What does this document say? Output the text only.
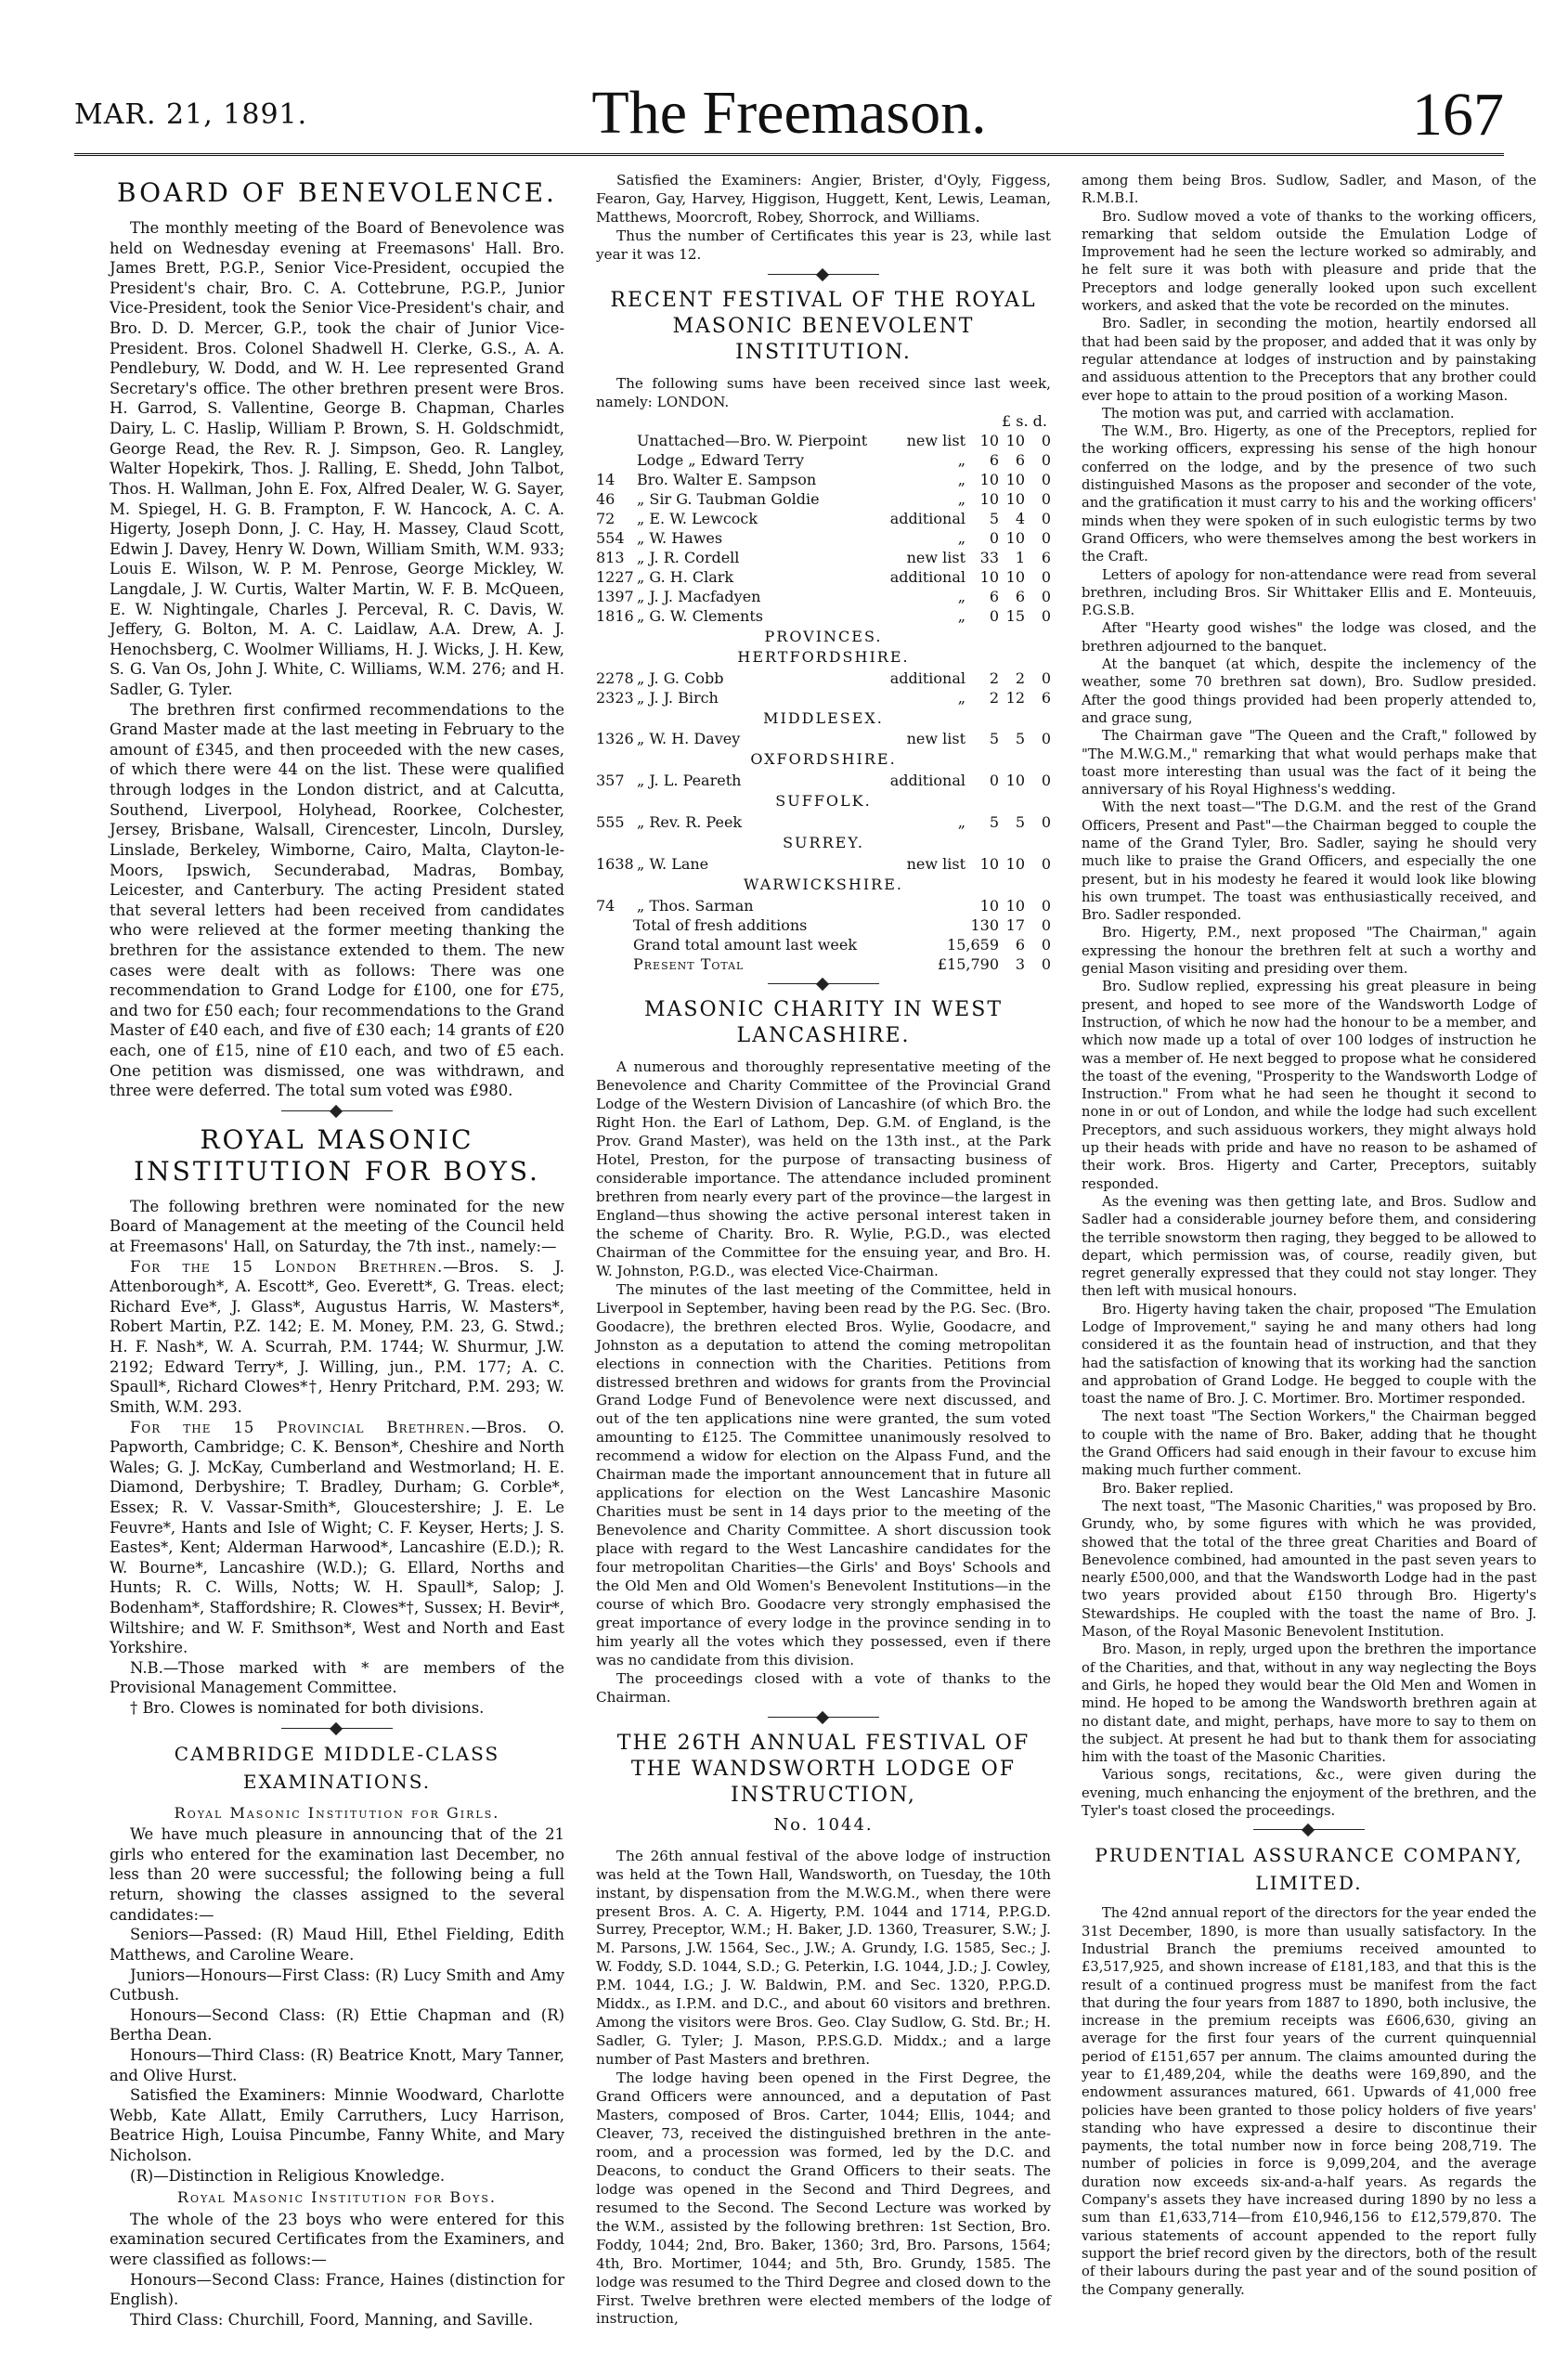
MAR. 21, 1891.	The Freemason.	167
BOARD OF BENEVOLENCE.

The monthly meeting of the Board of Benevolence was held on Wednesday evening at Freemasons' Hall. Bro. James Brett, P.G.P., Senior Vice-President, occupied the President's chair, Bro. C. A. Cottebrune, P.G.P., Junior Vice-President, took the Senior Vice-President's chair, and Bro. D. D. Mercer, G.P., took the chair of Junior Vice-President. Bros. Colonel Shadwell H. Clerke, G.S., A. A. Pendlebury, W. Dodd, and W. H. Lee represented Grand Secretary's office. The other brethren present were Bros. H. Garrod, S. Vallentine, George B. Chapman, Charles Dairy, L. C. Haslip, William P. Brown, S. H. Goldschmidt, George Read, the Rev. R. J. Simpson, Geo. R. Langley, Walter Hopekirk, Thos. J. Ralling, E. Shedd, John Talbot, Thos. H. Wallman, John E. Fox, Alfred Dealer, W. G. Sayer, M. Spiegel, H. G. B. Frampton, F. W. Hancock, A. C. A. Higerty, Joseph Donn, J. C. Hay, H. Massey, Claud Scott, Edwin J. Davey, Henry W. Down, William Smith, W.M. 933; Louis E. Wilson, W. P. M. Penrose, George Mickley, W. Langdale, J. W. Curtis, Walter Martin, W. F. B. McQueen, E. W. Nightingale, Charles J. Perceval, R. C. Davis, W. Jeffery, G. Bolton, M. A. C. Laidlaw, A.A. Drew, A. J. Henochsberg, C. Woolmer Williams, H. J. Wicks, J. H. Kew, S. G. Van Os, John J. White, C. Williams, W.M. 276; and H. Sadler, G. Tyler.

The brethren first confirmed recommendations to the Grand Master made at the last meeting in February to the amount of £345, and then proceeded with the new cases, of which there were 44 on the list. These were qualified through lodges in the London district, and at Calcutta, Southend, Liverpool, Holyhead, Roorkee, Colchester, Jersey, Brisbane, Walsall, Cirencester, Lincoln, Dursley, Linslade, Berkeley, Wimborne, Cairo, Malta, Clayton-le-Moors, Ipswich, Secunderabad, Madras, Bombay, Leicester, and Canterbury. The acting President stated that several letters had been received from candidates who were relieved at the former meeting thanking the brethren for the assistance extended to them. The new cases were dealt with as follows: There was one recommendation to Grand Lodge for £100, one for £75, and two for £50 each; four recommendations to the Grand Master of £40 each, and five of £30 each; 14 grants of £20 each, one of £15, nine of £10 each, and two of £5 each. One petition was dismissed, one was withdrawn, and three were deferred. The total sum voted was £980.

ROYAL MASONIC INSTITUTION FOR BOYS.

The following brethren were nominated for the new Board of Management at the meeting of the Council held at Freemasons' Hall, on Saturday, the 7th inst., namely:—

For the 15 London Brethren.—Bros. S. J. Attenborough*, A. Escott*, Geo. Everett*, G. Treas. elect; Richard Eve*, J. Glass*, Augustus Harris, W. Masters*, Robert Martin, P.Z. 142; E. M. Money, P.M. 23, G. Stwd.; H. F. Nash*, W. A. Scurrah, P.M. 1744; W. Shurmur, J.W. 2192; Edward Terry*, J. Willing, jun., P.M. 177; A. C. Spaull*, Richard Clowes*†, Henry Pritchard, P.M. 293; W. Smith, W.M. 293.

For the 15 Provincial Brethren.—Bros. O. Papworth, Cambridge; C. K. Benson*, Cheshire and North Wales; G. J. McKay, Cumberland and Westmorland; H. E. Diamond, Derbyshire; T. Bradley, Durham; G. Corble*, Essex; R. V. Vassar-Smith*, Gloucestershire; J. E. Le Feuvre*, Hants and Isle of Wight; C. F. Keyser, Herts; J. S. Eastes*, Kent; Alderman Harwood*, Lancashire (E.D.); R. W. Bourne*, Lancashire (W.D.); G. Ellard, Norths and Hunts; R. C. Wills, Notts; W. H. Spaull*, Salop; J. Bodenham*, Staffordshire; R. Clowes*†, Sussex; H. Bevir*, Wiltshire; and W. F. Smithson*, West and North and East Yorkshire.

N.B.—Those marked with * are members of the Provisional Management Committee.

† Bro. Clowes is nominated for both divisions.

CAMBRIDGE MIDDLE-CLASS
EXAMINATIONS.
Royal Masonic Institution for Girls.

We have much pleasure in announcing that of the 21 girls who entered for the examination last December, no less than 20 were successful; the following being a full return, showing the classes assigned to the several candidates:—

Seniors—Passed: (R) Maud Hill, Ethel Fielding, Edith Matthews, and Caroline Weare.

Juniors—Honours—First Class: (R) Lucy Smith and Amy Cutbush.

Honours—Second Class: (R) Ettie Chapman and (R) Bertha Dean.

Honours—Third Class: (R) Beatrice Knott, Mary Tanner, and Olive Hurst.

Satisfied the Examiners: Minnie Woodward, Charlotte Webb, Kate Allatt, Emily Carruthers, Lucy Harrison, Beatrice High, Louisa Pincumbe, Fanny White, and Mary Nicholson.

(R)—Distinction in Religious Knowledge.

Royal Masonic Institution for Boys.

The whole of the 23 boys who were entered for this examination secured Certificates from the Examiners, and were classified as follows:—

Honours—Second Class: France, Haines (distinction for English).

Third Class: Churchill, Foord, Manning, and Saville.

Satisfied the Examiners: Angier, Brister, d'Oyly, Figgess, Fearon, Gay, Harvey, Higgison, Huggett, Kent, Lewis, Leaman, Matthews, Moorcroft, Robey, Shorrock, and Williams.

Thus the number of Certificates this year is 23, while last year it was 12.

RECENT FESTIVAL OF THE ROYAL MASONIC BENEVOLENT INSTITUTION.

The following sums have been received since last week, namely: LONDON.

£ s. d.
	Unattached—Bro. W. Pierpoint	new list	10	10	0
	Lodge „ Edward Terry	„	6	6	0
14	Bro. Walter E. Sampson	„	10	10	0
46	„ Sir G. Taubman Goldie	„	10	10	0
72	„ E. W. Lewcock	additional	5	4	0
554	„ W. Hawes	„	0	10	0
813	„ J. R. Cordell	new list	33	1	6
1227	„ G. H. Clark	additional	10	10	0
1397	„ J. J. Macfadyen	„	6	6	0
1816	„ G. W. Clements	„	0	15	0
PROVINCES.
HERTFORDSHIRE.
2278	„ J. G. Cobb	additional	2	2	0
2323	„ J. J. Birch	„	2	12	6
MIDDLESEX.
1326	„ W. H. Davey	new list	5	5	0
OXFORDSHIRE.
357	„ J. L. Peareth	additional	0	10	0
SUFFOLK.
555	„ Rev. R. Peek	„	5	5	0
SURREY.
1638	„ W. Lane	new list	10	10	0
WARWICKSHIRE.
74	„ Thos. Sarman		10	10	0
Total of fresh additions	130	17	0
Grand total amount last week	15,659	6	0
Present Total	£15,790	3	0
MASONIC CHARITY IN WEST LANCASHIRE.

A numerous and thoroughly representative meeting of the Benevolence and Charity Committee of the Provincial Grand Lodge of the Western Division of Lancashire (of which Bro. the Right Hon. the Earl of Lathom, Dep. G.M. of England, is the Prov. Grand Master), was held on the 13th inst., at the Park Hotel, Preston, for the purpose of transacting business of considerable importance. The attendance included prominent brethren from nearly every part of the province—the largest in England—thus showing the active personal interest taken in the scheme of Charity. Bro. R. Wylie, P.G.D., was elected Chairman of the Committee for the ensuing year, and Bro. H. W. Johnston, P.G.D., was elected Vice-Chairman.

The minutes of the last meeting of the Committee, held in Liverpool in September, having been read by the P.G. Sec. (Bro. Goodacre), the brethren elected Bros. Wylie, Goodacre, and Johnston as a deputation to attend the coming metropolitan elections in connection with the Charities. Petitions from distressed brethren and widows for grants from the Provincial Grand Lodge Fund of Benevolence were next discussed, and out of the ten applications nine were granted, the sum voted amounting to £125. The Committee unanimously resolved to recommend a widow for election on the Alpass Fund, and the Chairman made the important announcement that in future all applications for election on the West Lancashire Masonic Charities must be sent in 14 days prior to the meeting of the Benevolence and Charity Committee. A short discussion took place with regard to the West Lancashire candidates for the four metropolitan Charities—the Girls' and Boys' Schools and the Old Men and Old Women's Benevolent Institutions—in the course of which Bro. Goodacre very strongly emphasised the great importance of every lodge in the province sending in to him yearly all the votes which they possessed, even if there was no candidate from this division.

The proceedings closed with a vote of thanks to the Chairman.

THE 26TH ANNUAL FESTIVAL OF THE WANDSWORTH LODGE OF INSTRUCTION,
No. 1044.

The 26th annual festival of the above lodge of instruction was held at the Town Hall, Wandsworth, on Tuesday, the 10th instant, by dispensation from the M.W.G.M., when there were present Bros. A. C. A. Higerty, P.M. 1044 and 1714, P.P.G.D. Surrey, Preceptor, W.M.; H. Baker, J.D. 1360, Treasurer, S.W.; J. M. Parsons, J.W. 1564, Sec., J.W.; A. Grundy, I.G. 1585, Sec.; J. W. Foddy, S.D. 1044, S.D.; G. Peterkin, I.G. 1044, J.D.; J. Cowley, P.M. 1044, I.G.; J. W. Baldwin, P.M. and Sec. 1320, P.P.G.D. Middx., as I.P.M. and D.C., and about 60 visitors and brethren. Among the visitors were Bros. Geo. Clay Sudlow, G. Std. Br.; H. Sadler, G. Tyler; J. Mason, P.P.S.G.D. Middx.; and a large number of Past Masters and brethren.

The lodge having been opened in the First Degree, the Grand Officers were announced, and a deputation of Past Masters, composed of Bros. Carter, 1044; Ellis, 1044; and Cleaver, 73, received the distinguished brethren in the ante-room, and a procession was formed, led by the D.C. and Deacons, to conduct the Grand Officers to their seats. The lodge was opened in the Second and Third Degrees, and resumed to the Second. The Second Lecture was worked by the W.M., assisted by the following brethren: 1st Section, Bro. Foddy, 1044; 2nd, Bro. Baker, 1360; 3rd, Bro. Parsons, 1564; 4th, Bro. Mortimer, 1044; and 5th, Bro. Grundy, 1585. The lodge was resumed to the Third Degree and closed down to the First. Twelve brethren were elected members of the lodge of instruction,

among them being Bros. Sudlow, Sadler, and Mason, of the R.M.B.I.

Bro. Sudlow moved a vote of thanks to the working officers, remarking that seldom outside the Emulation Lodge of Improvement had he seen the lecture worked so admirably, and he felt sure it was both with pleasure and pride that the Preceptors and lodge generally looked upon such excellent workers, and asked that the vote be recorded on the minutes.

Bro. Sadler, in seconding the motion, heartily endorsed all that had been said by the proposer, and added that it was only by regular attendance at lodges of instruction and by painstaking and assiduous attention to the Preceptors that any brother could ever hope to attain to the proud position of a working Mason.

The motion was put, and carried with acclamation.

The W.M., Bro. Higerty, as one of the Preceptors, replied for the working officers, expressing his sense of the high honour conferred on the lodge, and by the presence of two such distinguished Masons as the proposer and seconder of the vote, and the gratification it must carry to his and the working officers' minds when they were spoken of in such eulogistic terms by two Grand Officers, who were themselves among the best workers in the Craft.

Letters of apology for non-attendance were read from several brethren, including Bros. Sir Whittaker Ellis and E. Monteuuis, P.G.S.B.

After "Hearty good wishes" the lodge was closed, and the brethren adjourned to the banquet.

At the banquet (at which, despite the inclemency of the weather, some 70 brethren sat down), Bro. Sudlow presided. After the good things provided had been properly attended to, and grace sung,

The Chairman gave "The Queen and the Craft," followed by "The M.W.G.M.," remarking that what would perhaps make that toast more interesting than usual was the fact of it being the anniversary of his Royal Highness's wedding.

With the next toast—"The D.G.M. and the rest of the Grand Officers, Present and Past"—the Chairman begged to couple the name of the Grand Tyler, Bro. Sadler, saying he should very much like to praise the Grand Officers, and especially the one present, but in his modesty he feared it would look like blowing his own trumpet. The toast was enthusiastically received, and Bro. Sadler responded.

Bro. Higerty, P.M., next proposed "The Chairman," again expressing the honour the brethren felt at such a worthy and genial Mason visiting and presiding over them.

Bro. Sudlow replied, expressing his great pleasure in being present, and hoped to see more of the Wandsworth Lodge of Instruction, of which he now had the honour to be a member, and which now made up a total of over 100 lodges of instruction he was a member of. He next begged to propose what he considered the toast of the evening, "Prosperity to the Wandsworth Lodge of Instruction." From what he had seen he thought it second to none in or out of London, and while the lodge had such excellent Preceptors, and such assiduous workers, they might always hold up their heads with pride and have no reason to be ashamed of their work. Bros. Higerty and Carter, Preceptors, suitably responded.

As the evening was then getting late, and Bros. Sudlow and Sadler had a considerable journey before them, and considering the terrible snowstorm then raging, they begged to be allowed to depart, which permission was, of course, readily given, but regret generally expressed that they could not stay longer. They then left with musical honours.

Bro. Higerty having taken the chair, proposed "The Emulation Lodge of Improvement," saying he and many others had long considered it as the fountain head of instruction, and that they had the satisfaction of knowing that its working had the sanction and approbation of Grand Lodge. He begged to couple with the toast the name of Bro. J. C. Mortimer. Bro. Mortimer responded.

The next toast "The Section Workers," the Chairman begged to couple with the name of Bro. Baker, adding that he thought the Grand Officers had said enough in their favour to excuse him making much further comment.

Bro. Baker replied.

The next toast, "The Masonic Charities," was proposed by Bro. Grundy, who, by some figures with which he was provided, showed that the total of the three great Charities and Board of Benevolence combined, had amounted in the past seven years to nearly £500,000, and that the Wandsworth Lodge had in the past two years provided about £150 through Bro. Higerty's Stewardships. He coupled with the toast the name of Bro. J. Mason, of the Royal Masonic Benevolent Institution.

Bro. Mason, in reply, urged upon the brethren the importance of the Charities, and that, without in any way neglecting the Boys and Girls, he hoped they would bear the Old Men and Women in mind. He hoped to be among the Wandsworth brethren again at no distant date, and might, perhaps, have more to say to them on the subject. At present he had but to thank them for associating him with the toast of the Masonic Charities.

Various songs, recitations, &c., were given during the evening, much enhancing the enjoyment of the brethren, and the Tyler's toast closed the proceedings.

PRUDENTIAL ASSURANCE COMPANY,
LIMITED.

The 42nd annual report of the directors for the year ended the 31st December, 1890, is more than usually satisfactory. In the Industrial Branch the premiums received amounted to £3,517,925, and shown increase of £181,183, and that this is the result of a continued progress must be manifest from the fact that during the four years from 1887 to 1890, both inclusive, the increase in the premium receipts was £606,630, giving an average for the first four years of the current quinquennial period of £151,657 per annum. The claims amounted during the year to £1,489,204, while the deaths were 169,890, and the endowment assurances matured, 661. Upwards of 41,000 free policies have been granted to those policy holders of five years' standing who have expressed a desire to discontinue their payments, the total number now in force being 208,719. The number of policies in force is 9,099,204, and the average duration now exceeds six-and-a-half years. As regards the Company's assets they have increased during 1890 by no less a sum than £1,633,714—from £10,946,156 to £12,579,870. The various statements of account appended to the report fully support the brief record given by the directors, both of the result of their labours during the past year and of the sound position of the Company generally.
